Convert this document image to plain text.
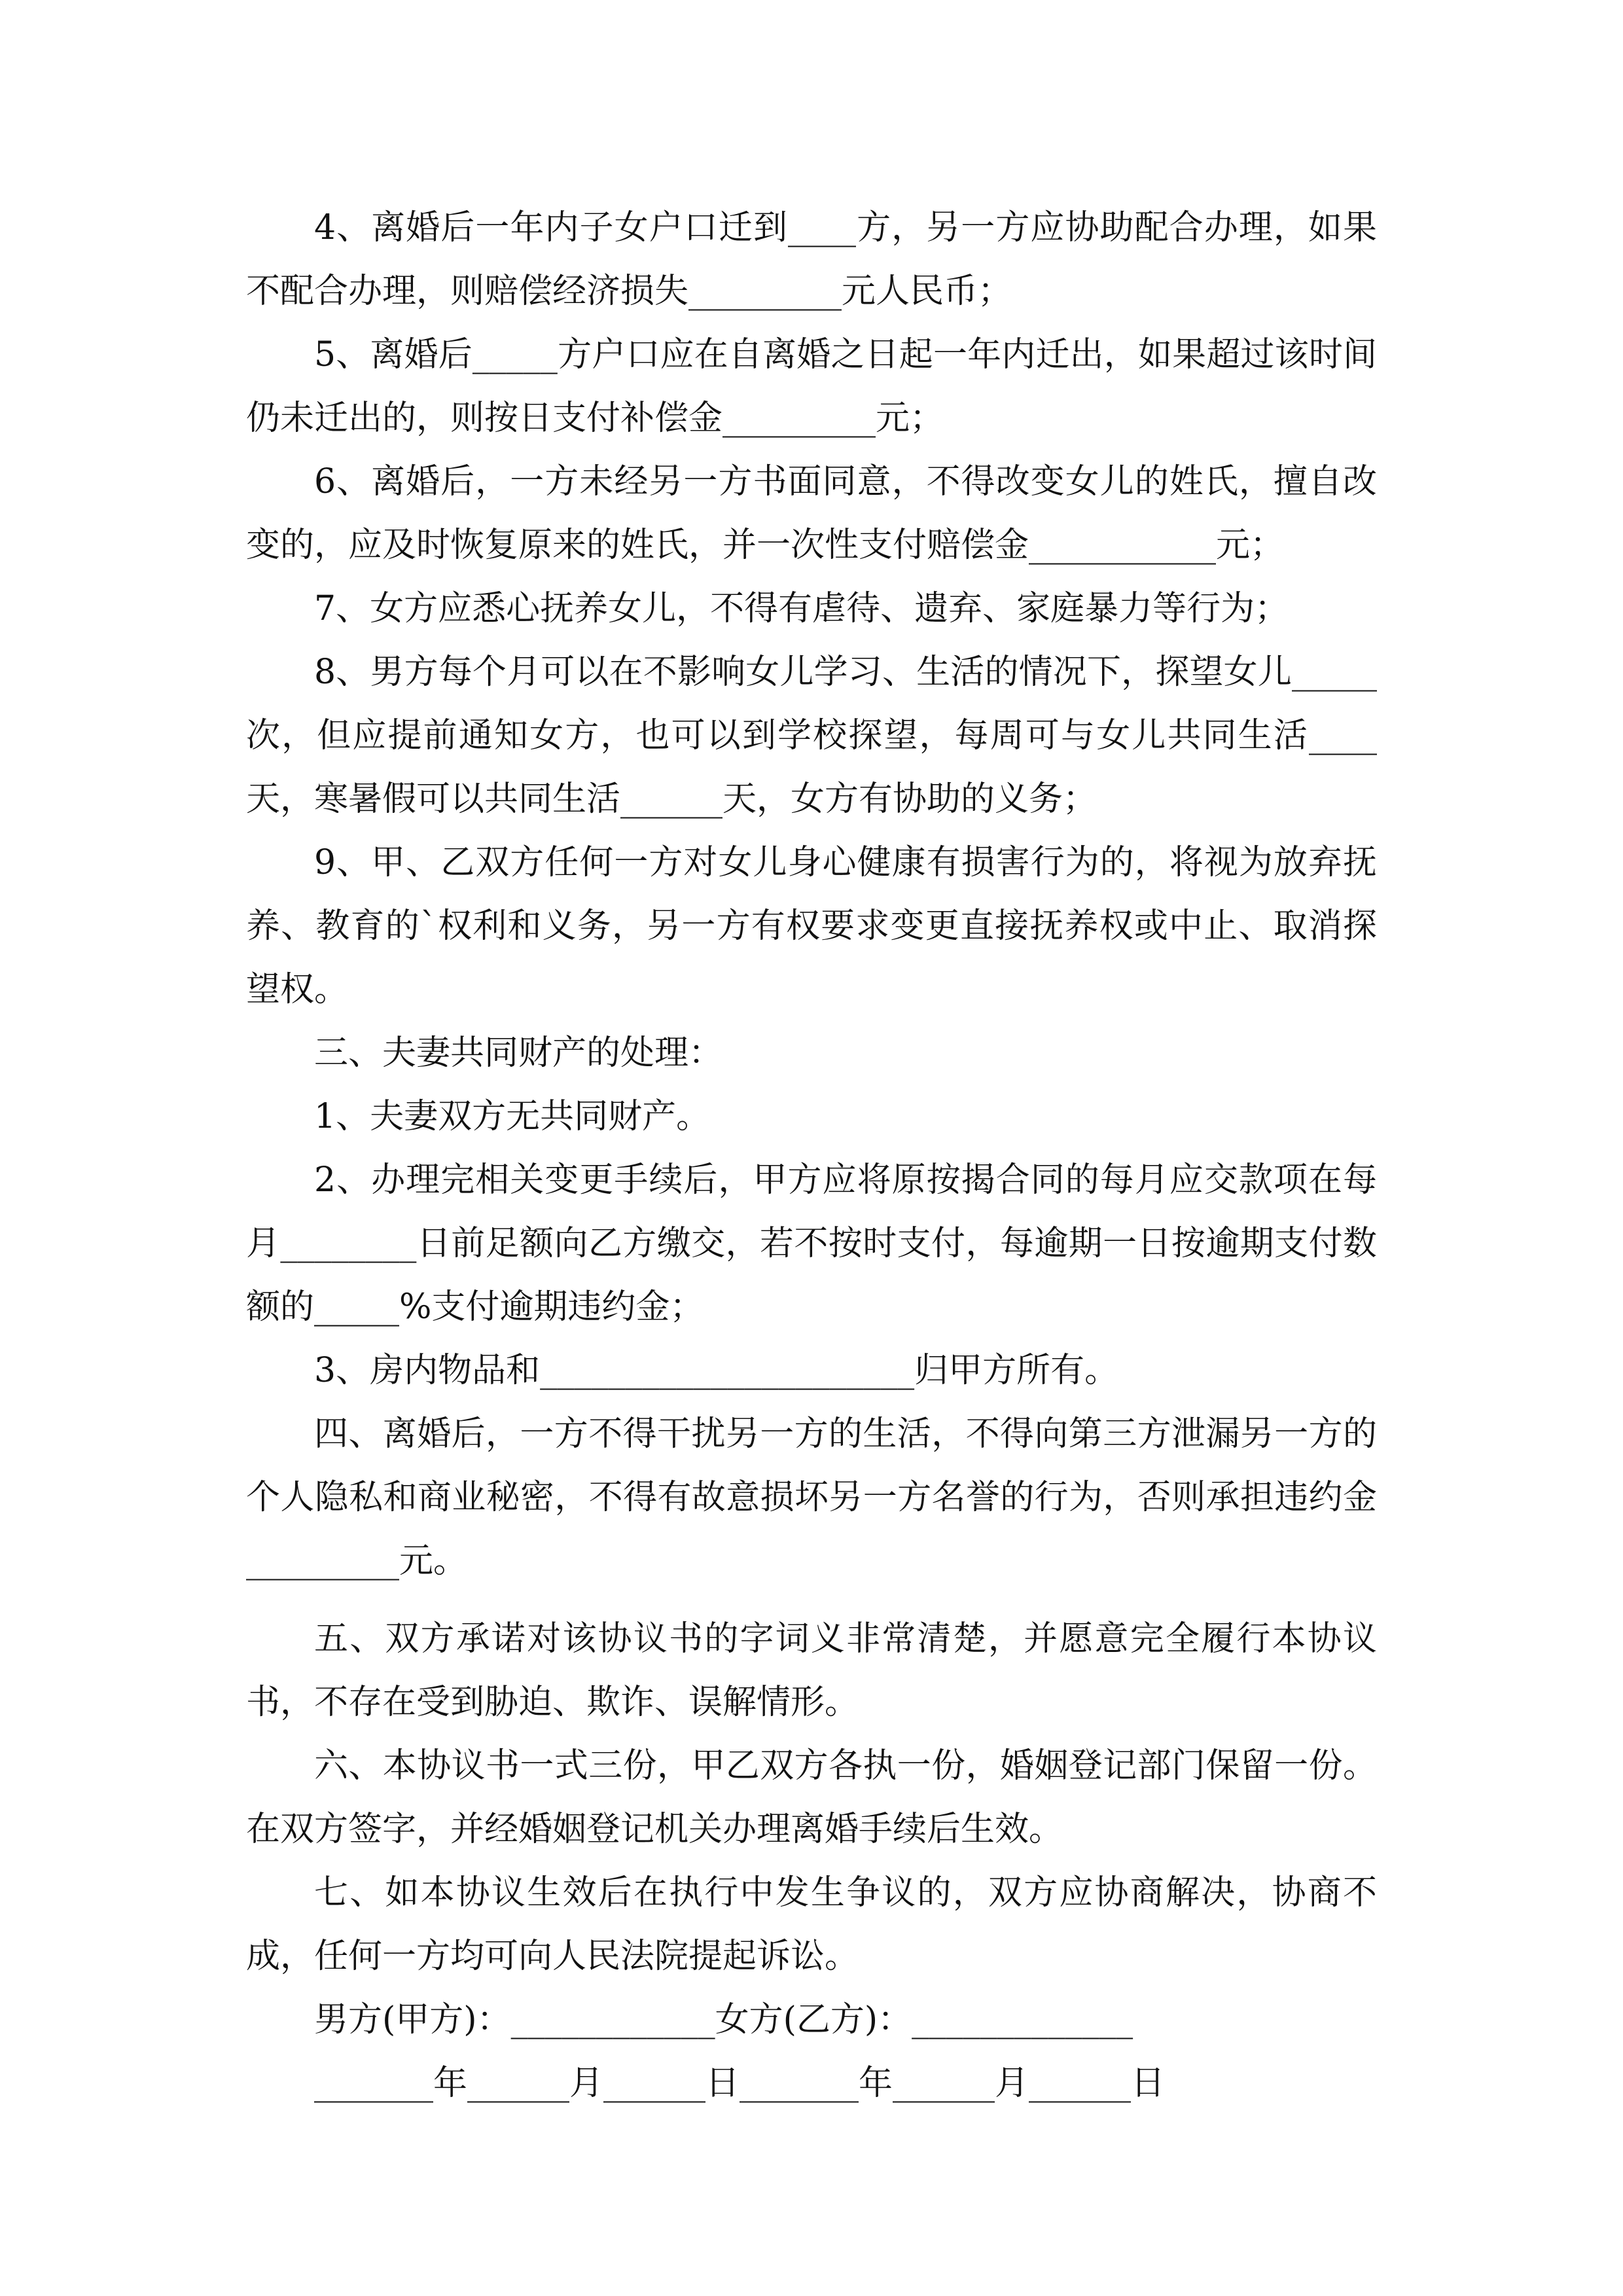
4、离婚后一年内子女户口迁到____方，另一方应协助配合办理，如果不配合办理，则赔偿经济损失_________元人民币；

5、离婚后_____方户口应在自离婚之日起一年内迁出，如果超过该时间仍未迁出的，则按日支付补偿金_________元；

6、离婚后，一方未经另一方书面同意，不得改变女儿的姓氏，擅自改变的，应及时恢复原来的姓氏，并一次性支付赔偿金___________元；

7、女方应悉心抚养女儿，不得有虐待、遗弃、家庭暴力等行为；

8、男方每个月可以在不影响女儿学习、生活的情况下，探望女儿_____次，但应提前通知女方，也可以到学校探望，每周可与女儿共同生活____天，寒暑假可以共同生活______天，女方有协助的义务；

9、甲、乙双方任何一方对女儿身心健康有损害行为的，将视为放弃抚养、教育的`权利和义务，另一方有权要求变更直接抚养权或中止、取消探望权。

三、夫妻共同财产的处理：

1、夫妻双方无共同财产。

2、办理完相关变更手续后，甲方应将原按揭合同的每月应交款项在每月________日前足额向乙方缴交，若不按时支付，每逾期一日按逾期支付数额的_____%支付逾期违约金；

3、房内物品和______________________归甲方所有。

四、离婚后，一方不得干扰另一方的生活，不得向第三方泄漏另一方的个人隐私和商业秘密，不得有故意损坏另一方名誉的行为，否则承担违约金_________元。

五、双方承诺对该协议书的字词义非常清楚，并愿意完全履行本协议书，不存在受到胁迫、欺诈、误解情形。

六、本协议书一式三份，甲乙双方各执一份，婚姻登记部门保留一份。在双方签字，并经婚姻登记机关办理离婚手续后生效。

七、如本协议生效后在执行中发生争议的，双方应协商解决，协商不成，任何一方均可向人民法院提起诉讼。

男方(甲方)：____________女方(乙方)：_____________

_______年______月______日_______年______月______日
